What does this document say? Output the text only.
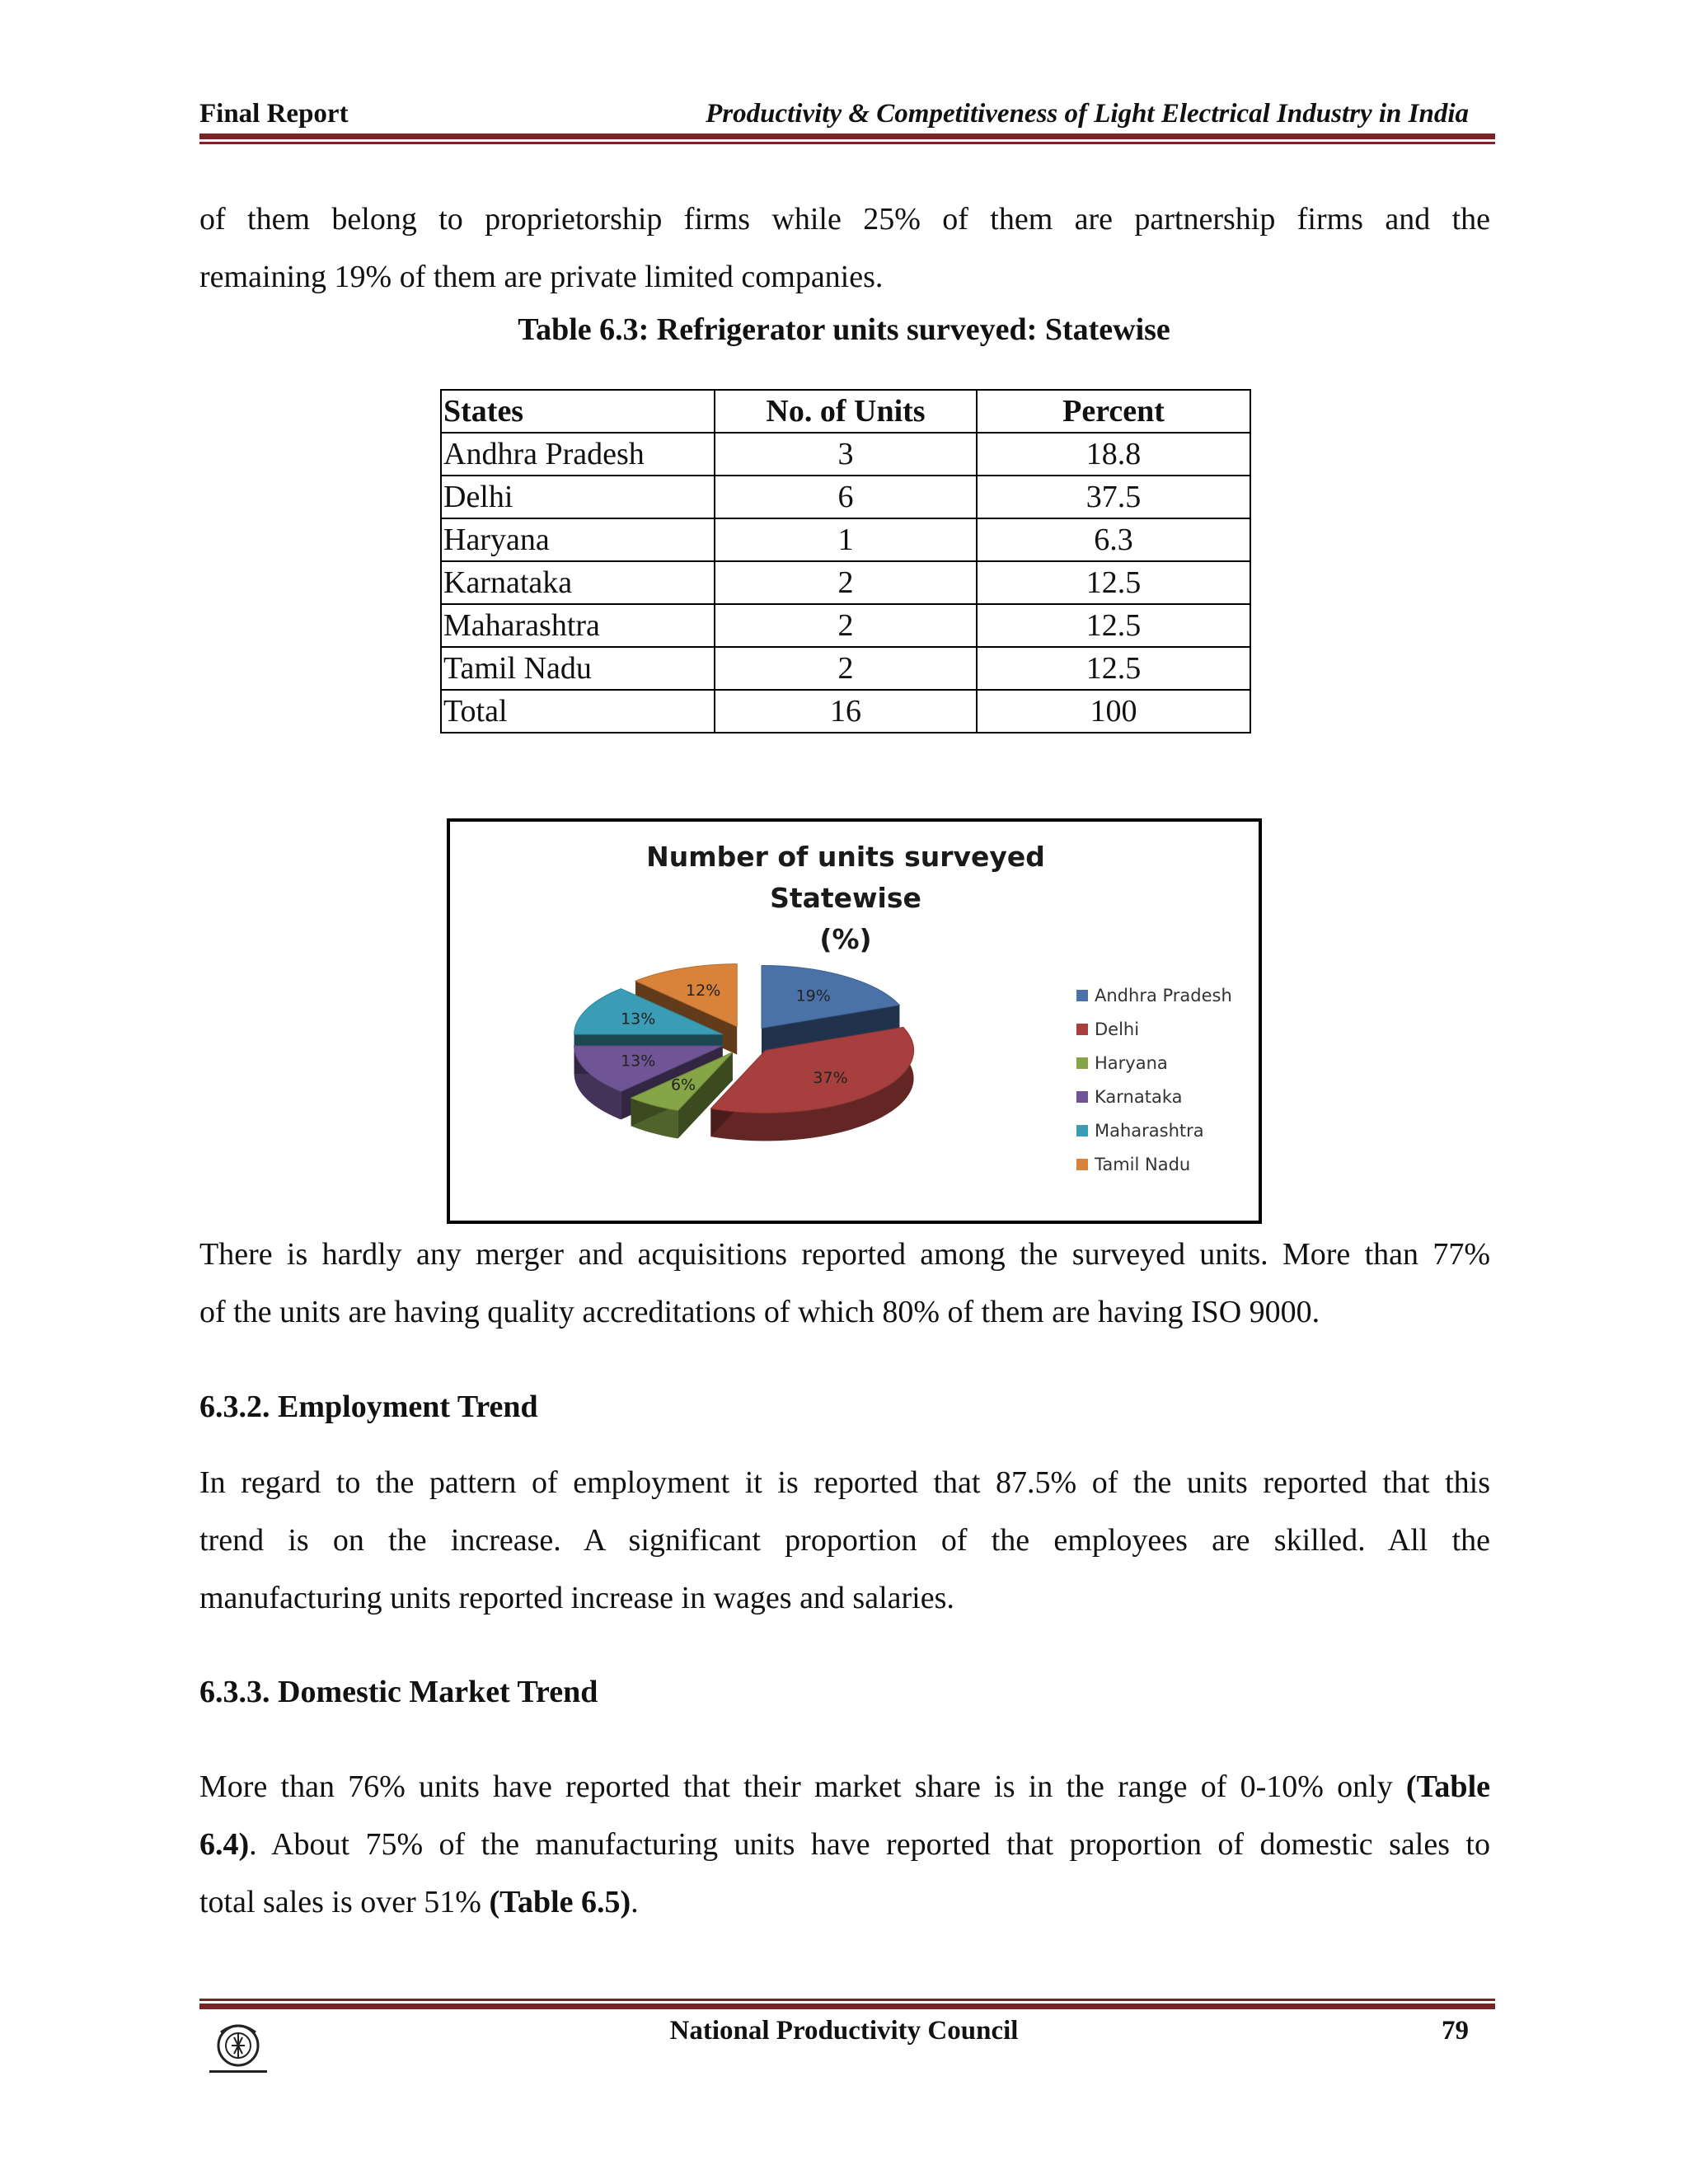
Final Report	Productivity & Competitiveness of Light Electrical Industry in India
of them belong to proprietorship firms while 25% of them are partnership firms and the
remaining 19% of them are private limited companies.
Table 6.3: Refrigerator units surveyed: Statewise
States	No. of Units	Percent
Andhra Pradesh	3	18.8
Delhi	6	37.5
Haryana	1	6.3
Karnataka	2	12.5
Maharashtra	2	12.5
Tamil Nadu	2	12.5
Total	16	100
19%
37%
6%
13%
13%
12%
Number of units surveyed Statewise
(%)
Andhra Pradesh
Delhi
Haryana
Karnataka
Maharashtra
Tamil Nadu
There is hardly any merger and acquisitions reported among the surveyed units. More than 77%
of the units are having quality accreditations of which 80% of them are having ISO 9000.
6.3.2. Employment Trend
In regard to the pattern of employment it is reported that 87.5% of the units reported that this
trend is on the increase. A significant proportion of the employees are skilled. All the
manufacturing units reported increase in wages and salaries.
6.3.3. Domestic Market Trend
More than 76% units have reported that their market share is in the range of 0-10% only (Table
6.4). About 75% of the manufacturing units have reported that proportion of domestic sales to
total sales is over 51% (Table 6.5).
National Productivity Council	79
